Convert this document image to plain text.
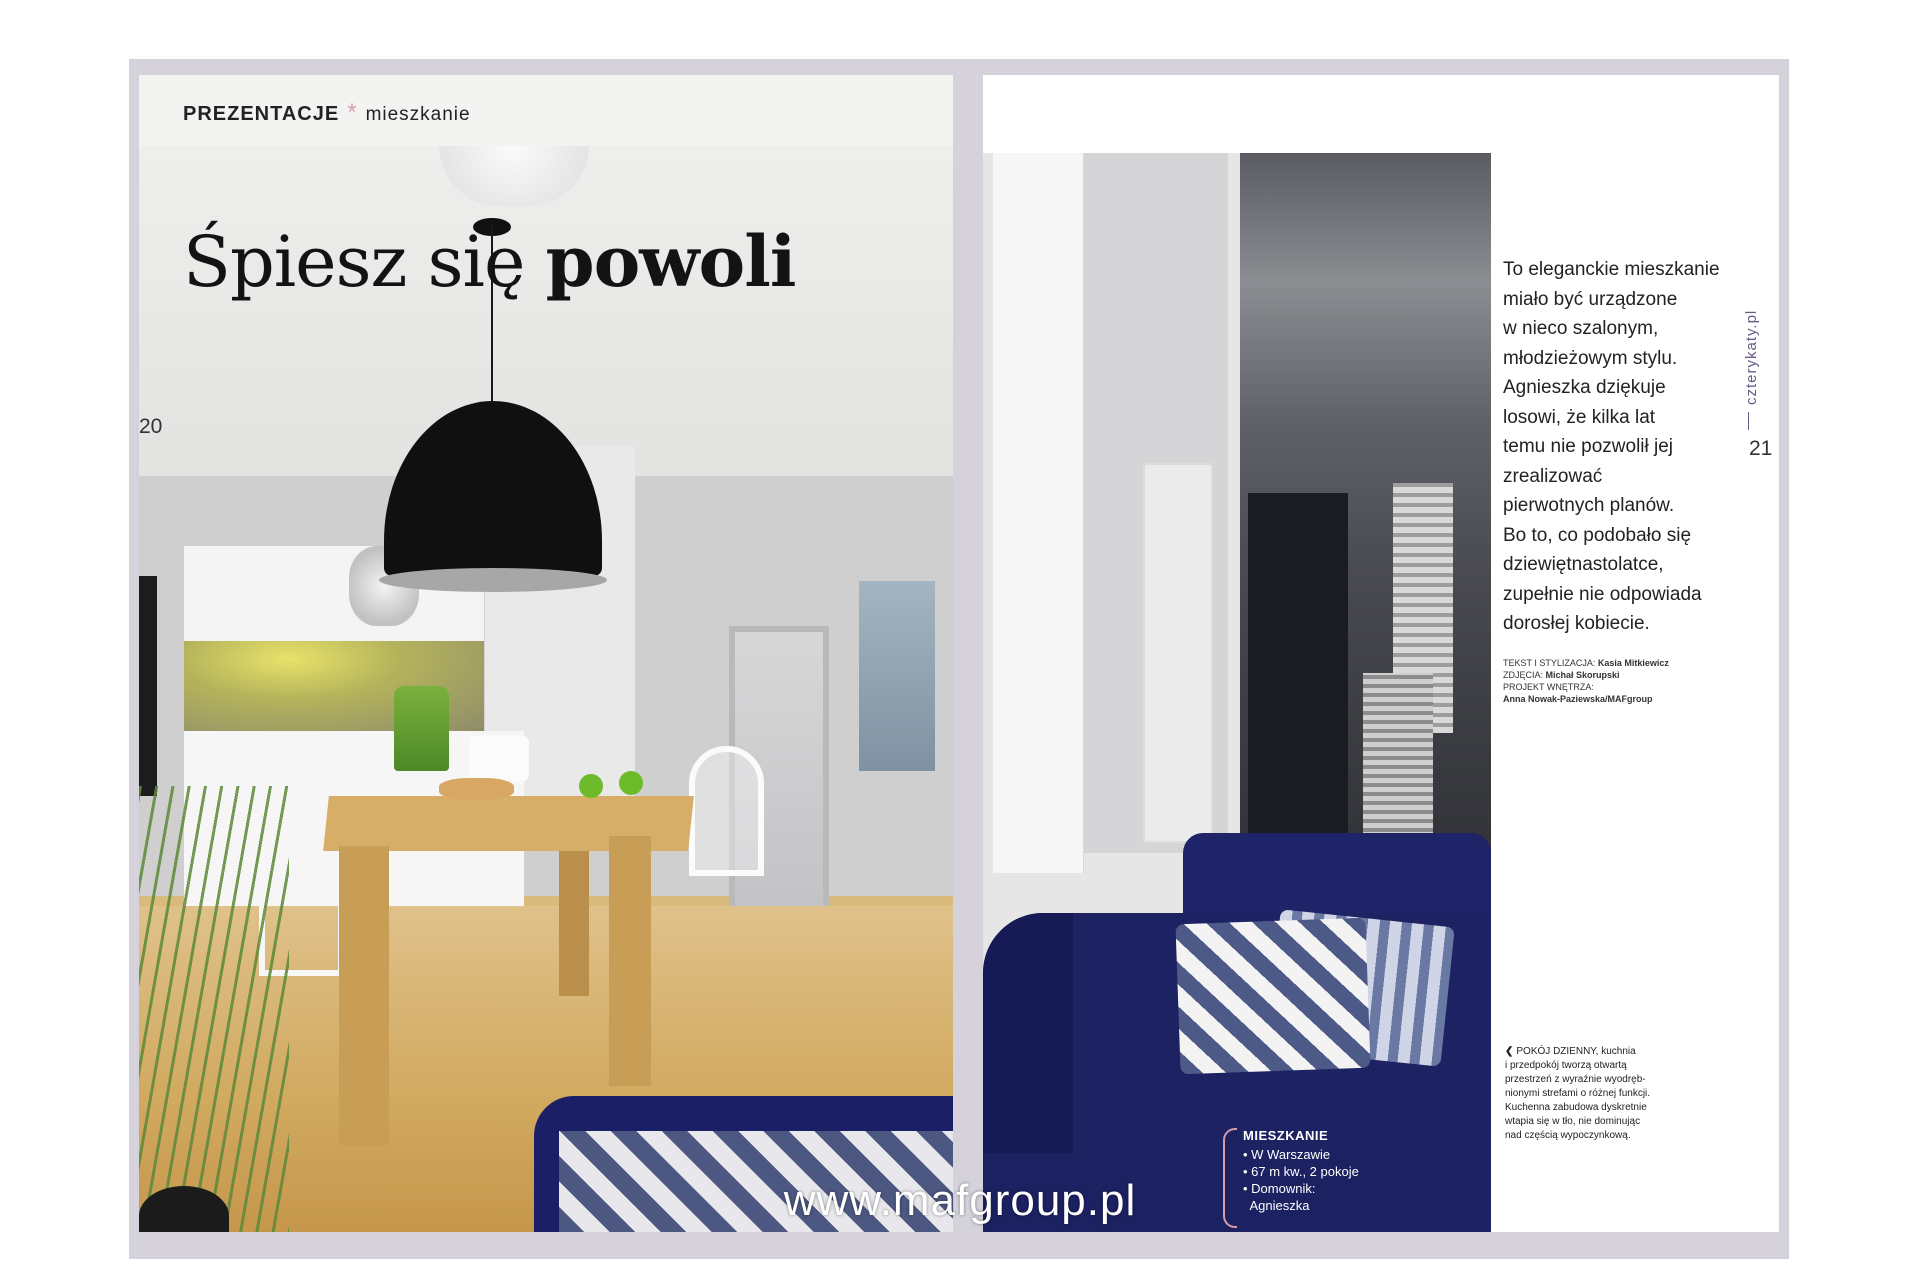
PREZENTACJE * mieszkanie
Śpiesz się powoli
20
MIESZKANIE
• W Warszawie
• 67 m kw., 2 pokoje
• Domownik:
Agnieszka
To eleganckie mieszkanie
miało być urządzone
w nieco szalonym,
młodzieżowym stylu.
Agnieszka dziękuje
losowi, że kilka lat
temu nie pozwolił jej
zrealizować
pierwotnych planów.
Bo to, co podobało się
dziewiętnastolatce,
zupełnie nie odpowiada
dorosłej kobiecie.
TEKST I STYLIZACJA: Kasia Mitkiewicz
ZDJĘCIA: Michał Skorupski
PROJEKT WNĘTRZA:
Anna Nowak-Paziewska/MAFgroup
❮ POKÓJ DZIENNY, kuchnia
i przedpokój tworzą otwartą
przestrzeń z wyraźnie wyodręb-
nionymi strefami o różnej funkcji.
Kuchenna zabudowa dyskretnie
wtapia się w tło, nie dominując
nad częścią wypoczynkową.
czterykaty.pl
21
www.mafgroup.pl
